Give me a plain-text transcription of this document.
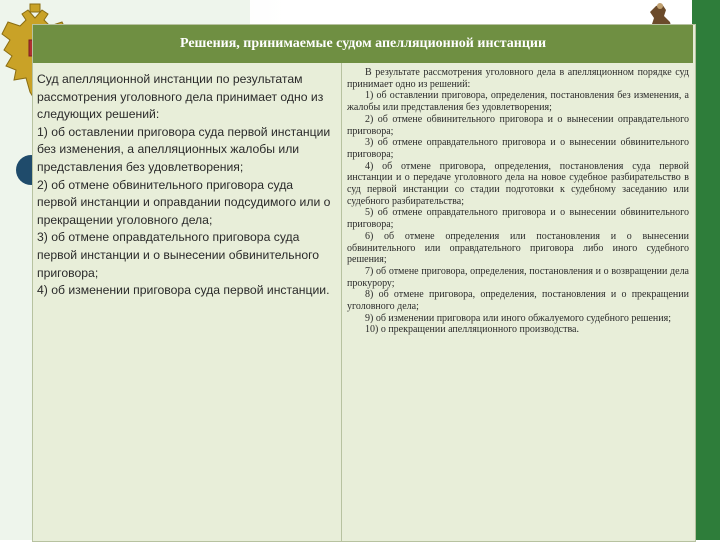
Решения, принимаемые судом апелляционной инстанции
Суд апелляционной инстанции по результатам рассмотрения уголовного дела принимает одно из следующих решений:
1) об оставлении приговора суда первой инстанции без изменения, а апелляционных жалобы или представления без удовлетворения;
2) об отмене обвинительного приговора суда первой инстанции и оправдании подсудимого или о прекращении уголовного дела;
3) об отмене оправдательного приговора суда первой инстанции и о вынесении обвинительного приговора;
4) об изменении приговора суда первой инстанции.

В результате рассмотрения уголовного дела в апелляционном порядке суд принимает одно из решений:

1) об оставлении приговора, определения, постановления без изменения, а жалобы или представления без удовлетворения;

2) об отмене обвинительного приговора и о вынесении оправдательного приговора;

3) об отмене оправдательного приговора и о вынесении обвинительного приговора;

4) об отмене приговора, определения, постановления суда первой инстанции и о передаче уголовного дела на новое судебное разбирательство в суд первой инстанции со стадии подготовки к судебному заседанию или судебного разбирательства;

5) об отмене оправдательного приговора и о вынесении обвинительного приговора;

6) об отмене определения или постановления и о вынесении обвинительного или оправдательного приговора либо иного судебного решения;

7) об отмене приговора, определения, постановления и о возвращении дела прокурору;

8) об отмене приговора, определения, постановления и о прекращении уголовного дела;

9) об изменении приговора или иного обжалуемого судебного решения;

10) о прекращении апелляционного производства.
